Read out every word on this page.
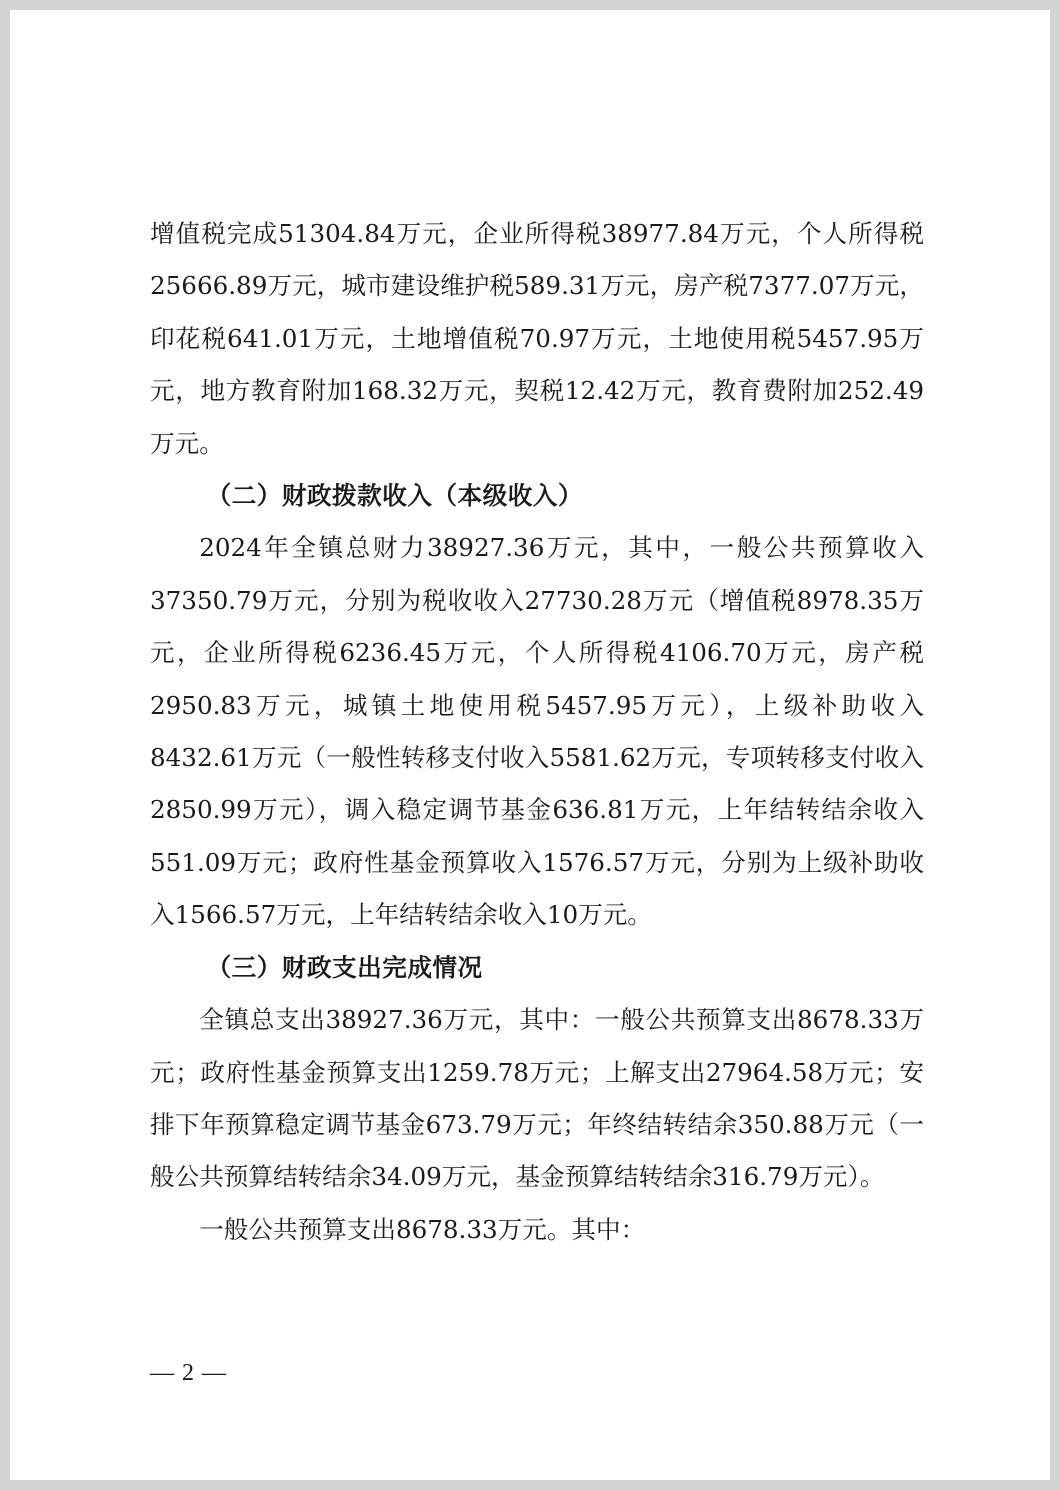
增值税完成51304.84万元，企业所得税38977.84万元，个人所得税25666.89万元，城市建设维护税589.31万元，房产税7377.07万元，印花税641.01万元，土地增值税70.97万元，土地使用税5457.95万元，地方教育附加168.32万元，契税12.42万元，教育费附加252.49万元。

（二）财政拨款收入（本级收入）

2024年全镇总财力38927.36万元，其中，一般公共预算收入37350.79万元，分别为税收收入27730.28万元（增值税8978.35万元，企业所得税6236.45万元，个人所得税4106.70万元，房产税2950.83万元，城镇土地使用税5457.95万元），上级补助收入8432.61万元（一般性转移支付收入5581.62万元，专项转移支付收入2850.99万元），调入稳定调节基金636.81万元，上年结转结余收入551.09万元；政府性基金预算收入1576.57万元，分别为上级补助收入1566.57万元，上年结转结余收入10万元。

（三）财政支出完成情况

全镇总支出38927.36万元，其中：一般公共预算支出8678.33万元；政府性基金预算支出1259.78万元；上解支出27964.58万元；安排下年预算稳定调节基金673.79万元；年终结转结余350.88万元（一般公共预算结转结余34.09万元，基金预算结转结余316.79万元）。

一般公共预算支出8678.33万元。其中：

— 2 —
